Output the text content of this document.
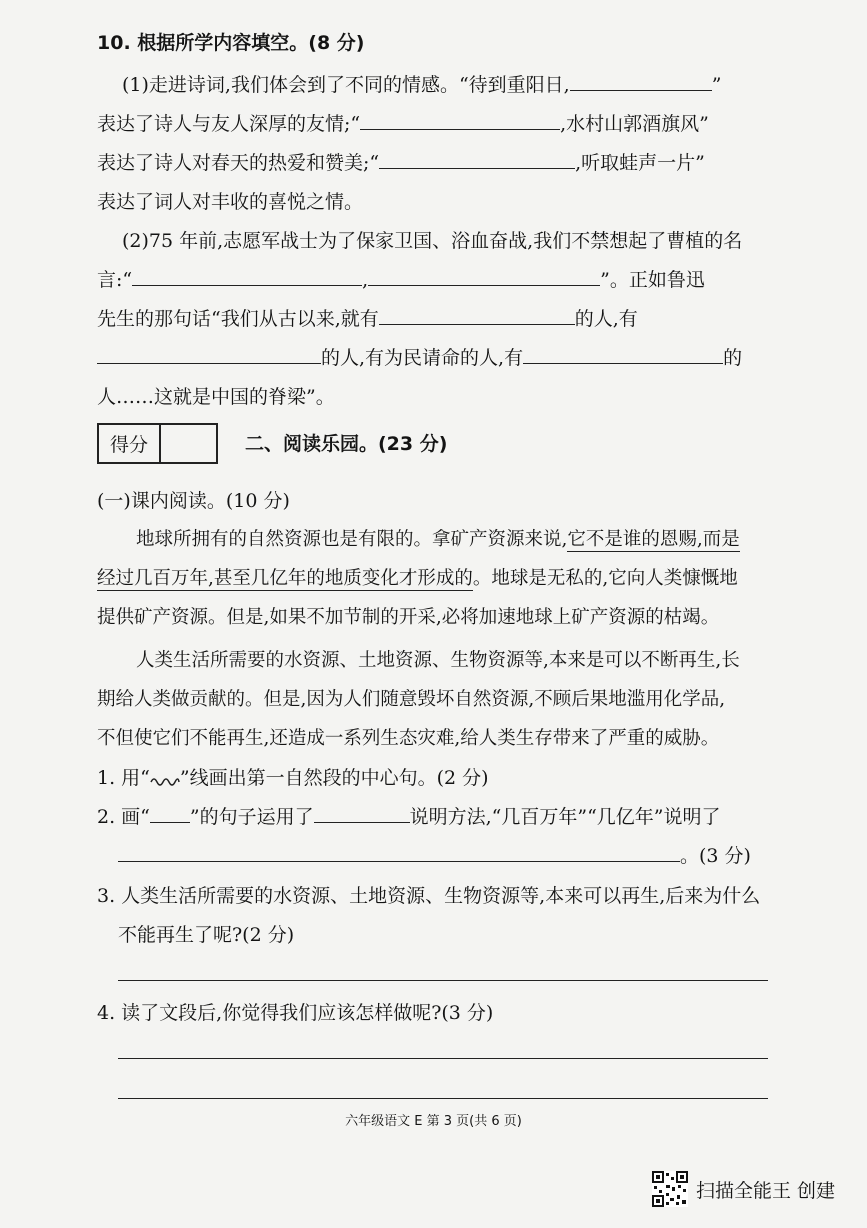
10. 根据所学内容填空。(8 分)
(1)走进诗词,我们体会到了不同的情感。“待到重阳日,	”
表达了诗人与友人深厚的友情;“	,水村山郭酒旗风”
表达了诗人对春天的热爱和赞美;“	,听取蛙声一片”
表达了词人对丰收的喜悦之情。
(2)75 年前,志愿军战士为了保家卫国、浴血奋战,我们不禁想起了曹植的名
言:“	,	”。正如鲁迅
先生的那句话“我们从古以来,就有	的人,有
的人,有为民请命的人,有	的
人……这就是中国的脊梁”。
得分	二、阅读乐园。(23 分)
(一)课内阅读。(10 分)
地球所拥有的自然资源也是有限的。拿矿产资源来说,它不是谁的恩赐,而是
经过几百万年,甚至几亿年的地质变化才形成的。地球是无私的,它向人类慷慨地
提供矿产资源。但是,如果不加节制的开采,必将加速地球上矿产资源的枯竭。
人类生活所需要的水资源、土地资源、生物资源等,本来是可以不断再生,长
期给人类做贡献的。但是,因为人们随意毁坏自然资源,不顾后果地滥用化学品,
不但使它们不能再生,还造成一系列生态灾难,给人类生存带来了严重的威胁。
1. 用“ ”线画出第一自然段的中心句。(2 分)
2. 画“ ”的句子运用了	说明方法,“几百万年”“几亿年”说明了
。(3 分)
3. 人类生活所需要的水资源、土地资源、生物资源等,本来可以再生,后来为什么
不能再生了呢?(2 分)
4. 读了文段后,你觉得我们应该怎样做呢?(3 分)
六年级语文 E 第 3 页(共 6 页)
扫描全能王 创建
